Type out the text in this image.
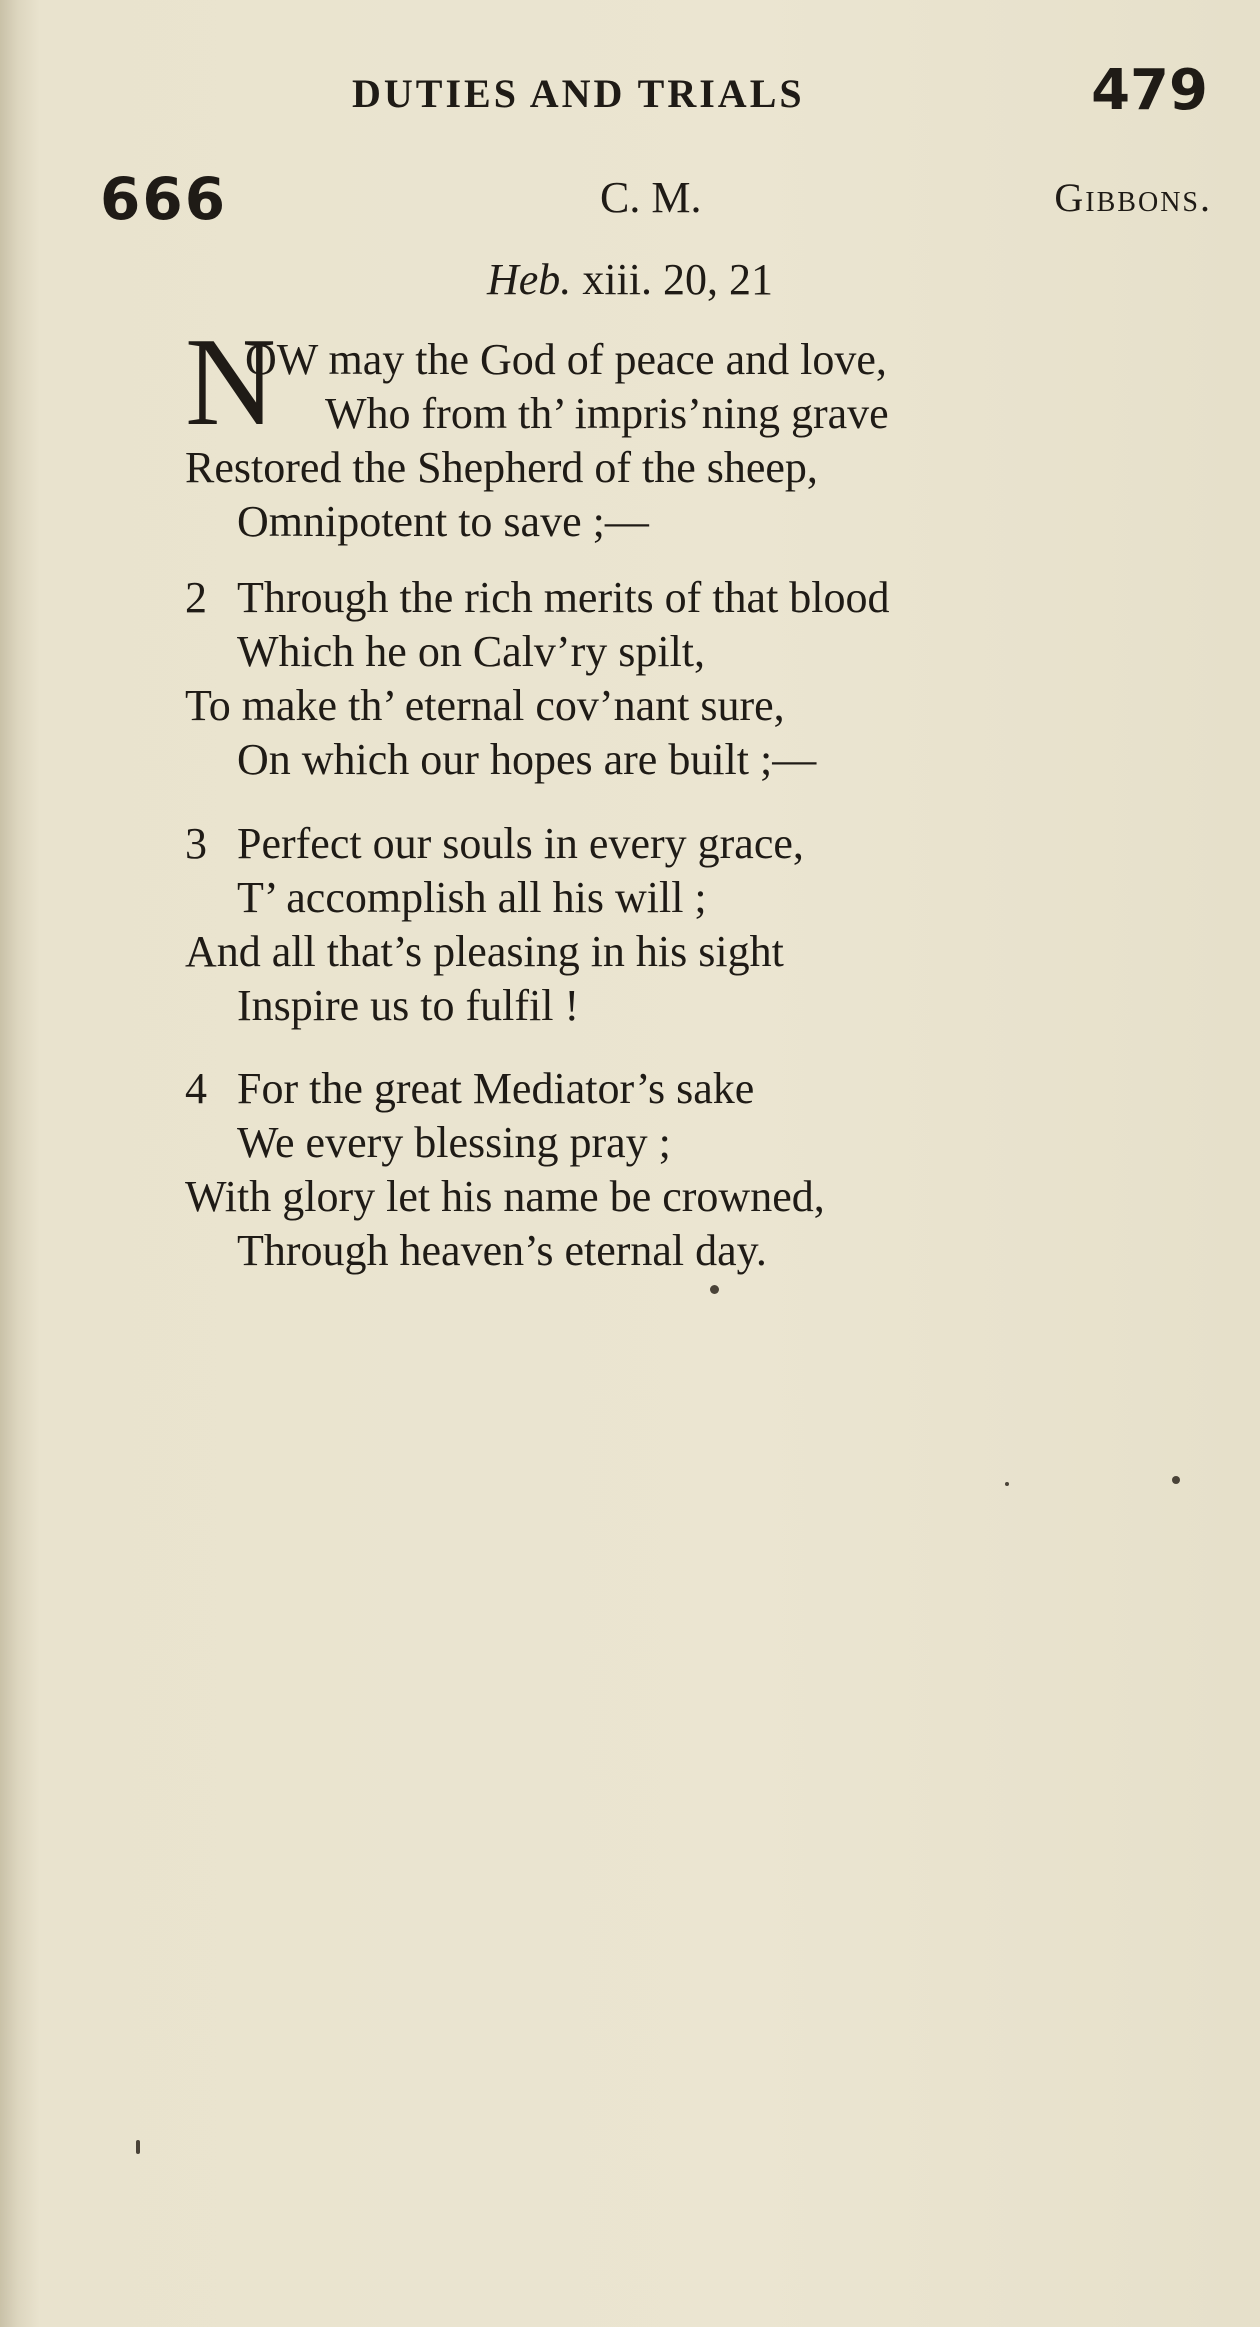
DUTIES AND TRIALS	479
666	C. M.	Gibbons.
Heb. xiii. 20, 21
N
OW may the God of peace and love,
Who from th’ impris’ning grave
Restored the Shepherd of the sheep,
Omnipotent to save ;—
2 Through the rich merits of that blood
Which he on Calv’ry spilt,
To make th’ eternal cov’nant sure,
On which our hopes are built ;—
3 Perfect our souls in every grace,
T’ accomplish all his will ;
And all that’s pleasing in his sight
Inspire us to fulfil !
4 For the great Mediator’s sake
We every blessing pray ;
With glory let his name be crowned,
Through heaven’s eternal day.
